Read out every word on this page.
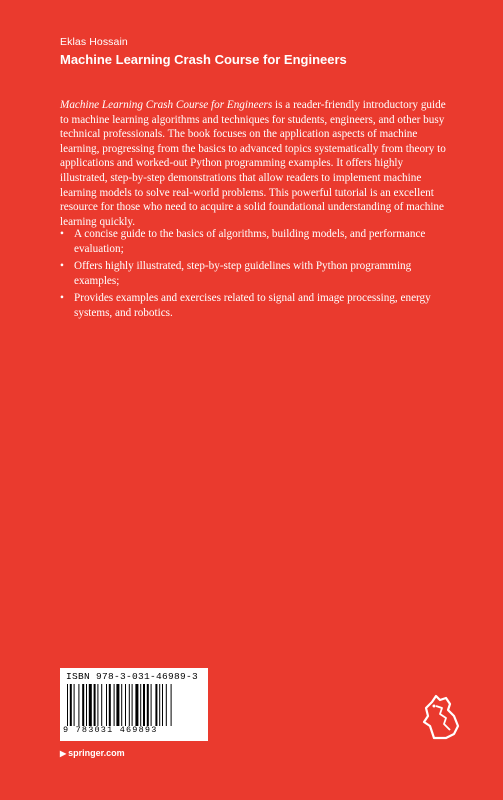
Eklas Hossain
Machine Learning Crash Course for Engineers

Machine Learning Crash Course for Engineers is a reader-friendly introductory guide to machine learning algorithms and techniques for students, engineers, and other busy technical professionals. The book focuses on the application aspects of machine learning, progressing from the basics to advanced topics systematically from theory to applications and worked-out Python programming examples. It offers highly illustrated, step-by-step demonstrations that allow readers to implement machine learning models to solve real-world problems. This powerful tutorial is an excellent resource for those who need to acquire a solid foundational understanding of machine learning quickly.

• A concise guide to the basics of algorithms, building models, and performance evaluation;
• Offers highly illustrated, step-by-step guidelines with Python programming examples;
• Provides examples and exercises related to signal and image processing, energy systems, and robotics.
ISBN 978-3-031-46989-3
9 783031 469893
▶ springer.com
